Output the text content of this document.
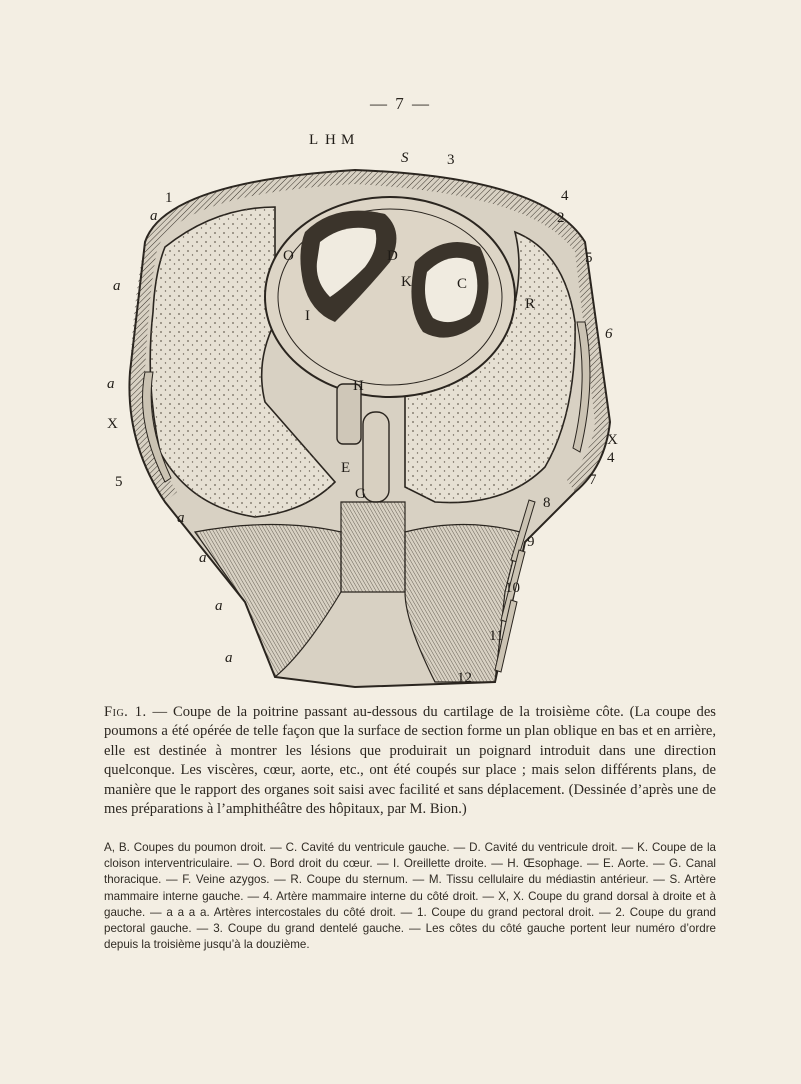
— 7 —
L H M
S	3
1
a
a
a
X
5
a
a
a
a
4
2
5
6
X
4
7
8
9
10
11
12
O	D
K	C
R
I
H
E
G
Fig. 1. — Coupe de la poitrine passant au-dessous du cartilage de la troisième côte. (La coupe des poumons a été opérée de telle façon que la surface de section forme un plan oblique en bas et en arrière, elle est destinée à montrer les lésions que produirait un poignard introduit dans une direction quelconque. Les viscères, cœur, aorte, etc., ont été coupés sur place ; mais selon différents plans, de manière que le rapport des organes soit saisi avec facilité et sans déplacement. (Dessinée d’après une de mes préparations à l’amphithéâtre des hôpitaux, par M. Bion.)

A, B. Coupes du poumon droit. — C. Cavité du ventricule gauche. — D. Cavité du ventricule droit. — K. Coupe de la cloison interventriculaire. — O. Bord droit du cœur. — I. Oreillette droite. — H. Œsophage. — E. Aorte. — G. Canal thoracique. — F. Veine azygos. — R. Coupe du sternum. — M. Tissu cellulaire du médiastin antérieur. — S. Artère mammaire interne gauche. — 4. Artère mammaire interne du côté droit. — X, X. Coupe du grand dorsal à droite et à gauche. — a a a a. Artères intercostales du côté droit. — 1. Coupe du grand pectoral droit. — 2. Coupe du grand pectoral gauche. — 3. Coupe du grand dentelé gauche. — Les côtes du côté gauche portent leur numéro d’ordre depuis la troisième jusqu’à la douzième.
